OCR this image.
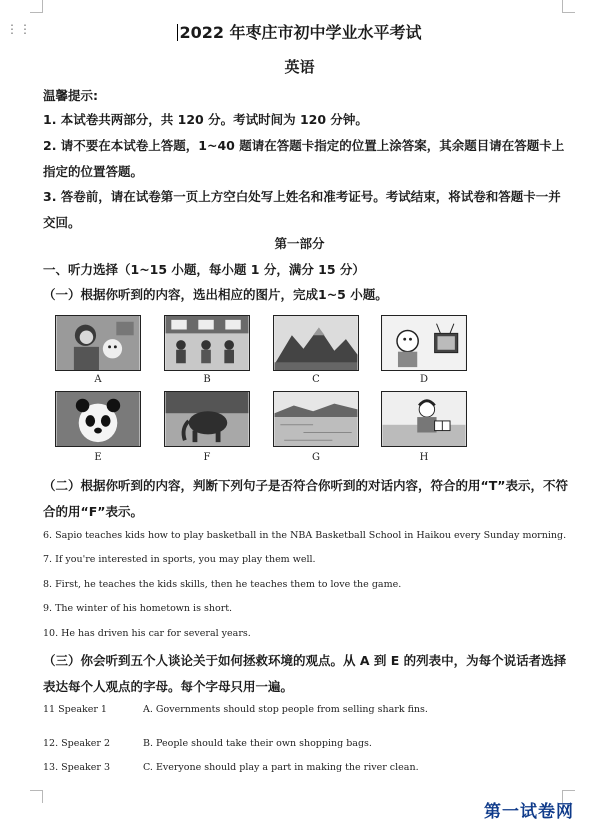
⋮⋮	2022 年枣庄市初中学业水平考试
英语
温馨提示:
1. 本试卷共两部分，共 120 分。考试时间为 120 分钟。
2. 请不要在本试卷上答题，1~40 题请在答题卡指定的位置上涂答案，其余题目请在答题卡上指定的位置答题。
3. 答卷前，请在试卷第一页上方空白处写上姓名和准考证号。考试结束，将试卷和答题卡一并交回。
第一部分
一、听力选择（1~15 小题，每小题 1 分，满分 15 分）
（一）根据你听到的内容，选出相应的图片，完成1~5 小题。
A	B	C	D
E	F	G	H
（二）根据你听到的内容，判断下列句子是否符合你听到的对话内容，符合的用“T”表示，不符合的用“F”表示。
6. Sapio teaches kids how to play basketball in the NBA Basketball School in Haikou every Sunday morning.
7. If you're interested in sports, you may play them well.
8. First, he teaches the kids skills, then he teaches them to love the game.
9. The winter of his hometown is short.
10. He has driven his car for several years.
（三）你会听到五个人谈论关于如何拯救环境的观点。从 A 到 E 的列表中，为每个说话者选择表达每个人观点的字母。每个字母只用一遍。
11 Speaker 1	A. Governments should stop people from selling shark fins.
12. Speaker 2	B. People should take their own shopping bags.
13. Speaker 3	C. Everyone should play a part in making the river clean.
第一试卷网
